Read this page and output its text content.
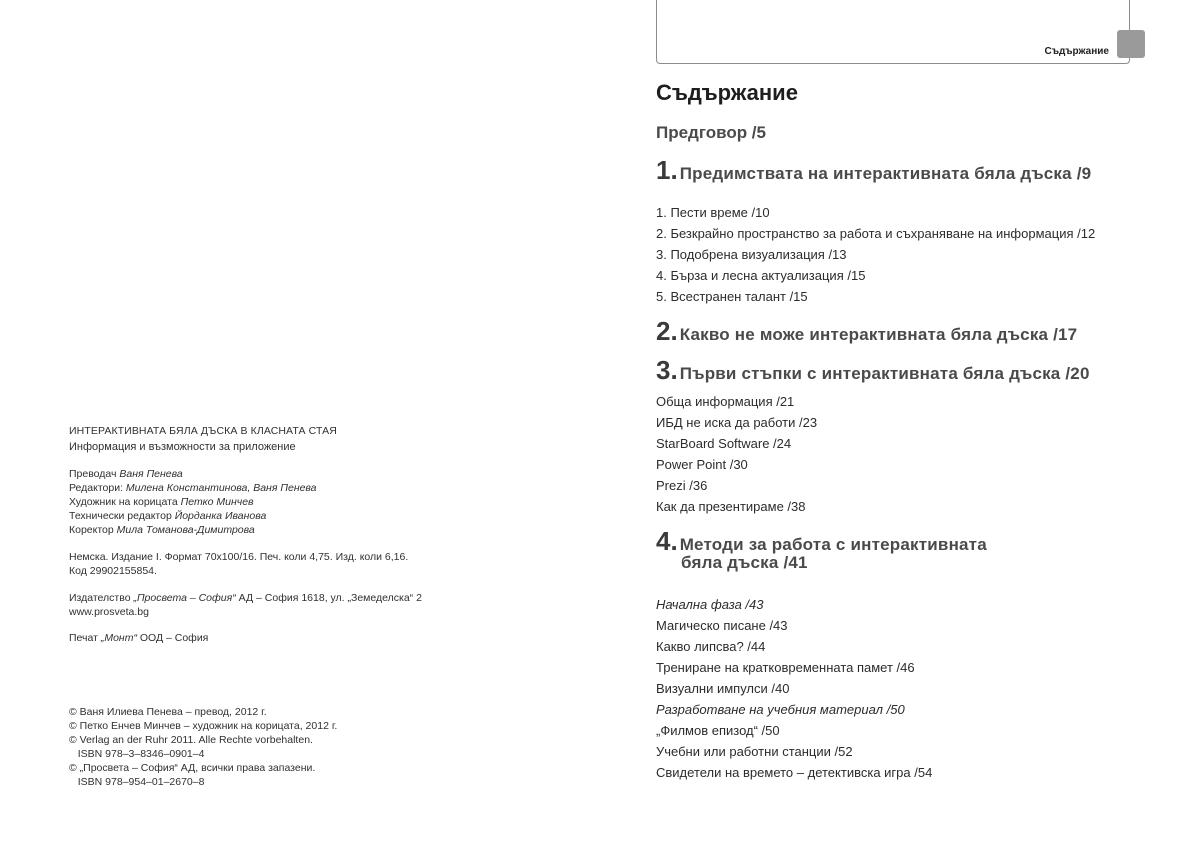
ИНТЕРАКТИВНАТА БЯЛА ДЪСКА В КЛАСНАТА СТАЯ
Информация и възможности за приложение
Преводач Ваня Пенева
Редактори: Милена Константинова, Ваня Пенева
Художник на корицата Петко Минчев
Технически редактор Йорданка Иванова
Коректор Мила Томанова-Димитрова
Немска. Издание I. Формат 70х100/16. Печ. коли 4,75. Изд. коли 6,16.
Код 29902155854.
Издателство „Просвета – София“ АД – София 1618, ул. „Земеделска“ 2
www.prosveta.bg
Печат „Монт“ ООД – София
© Ваня Илиева Пенева – превод, 2012 г.
© Петко Енчев Минчев – художник на корицата, 2012 г.
© Verlag an der Ruhr 2011. Alle Rechte vorbehalten.
ISBN 978–3–8346–0901–4
© „Просвета – София“ АД, всички права запазени.
ISBN 978–954–01–2670–8
Съдържание
Съдържание
Предговор /5
1. Предимствата на интерактивната бяла дъска /9
1. Пести време /10
2. Безкрайно пространство за работа и съхраняване на информация /12
3. Подобрена визуализация /13
4. Бърза и лесна актуализация /15
5. Всестранен талант /15
2. Какво не може интерактивната бяла дъска /17
3. Първи стъпки с интерактивната бяла дъска /20
Обща информация /21
ИБД не иска да работи /23
StarBoard Software /24
Power Point /30
Prezi /36
Как да презентираме /38
4. Методи за работа с интерактивната
бяла дъска /41
Начална фаза /43
Магическо писане /43
Какво липсва? /44
Трениране на кратковременната памет /46
Визуални импулси /40
Разработване на учебния материал /50
„Филмов епизод“ /50
Учебни или работни станции /52
Свидетели на времето – детективска игра /54
